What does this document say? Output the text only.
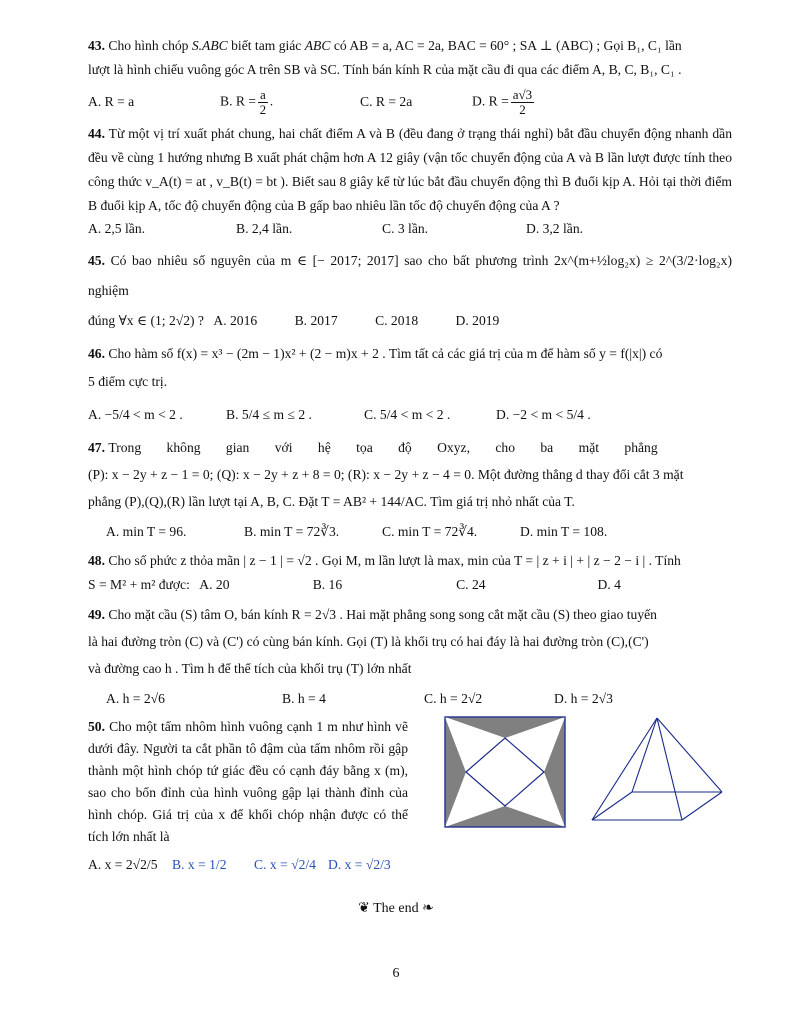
43. Cho hình chóp S.ABC biết tam giác ABC có AB = a, AC = 2a, BAC = 60° ; SA ⊥ (ABC) ; Gọi B₁, C₁ lần
lượt là hình chiếu vuông góc A trên SB và SC. Tính bán kính R của mặt cầu đi qua các điểm A, B, C, B₁, C₁ .
A. R = a	B. $R = \frac{a}{2}$ .	C. R = 2a	D. $R = \frac{a√3}{2}$
44. Từ một vị trí xuất phát chung, hai chất điểm A và B (đều đang ở trạng thái nghỉ) bắt đầu chuyển động nhanh dần đều về cùng 1 hướng nhưng B xuất phát chậm hơn A 12 giây (vận tốc chuyển động của A và B lần lượt được tính theo công thức v_A(t) = at , v_B(t) = bt ). Biết sau 8 giây kể từ lúc bắt đầu chuyển động thì B đuổi kịp A. Hỏi tại thời điểm B đuổi kịp A, tốc độ chuyển động của B gấp bao nhiêu lần tốc độ chuyển động của A ?
A. 2,5 lần.	B. 2,4 lần.	C. 3 lần.	D. 3,2 lần.
45. Có bao nhiêu số nguyên của m ∈ [− 2017; 2017] sao cho bất phương trình 2x^(m+½log₂x) ≥ 2^(3/2·log₂x) nghiệm
đúng ∀x ∈ (1; 2√2) ? A. 2016	B. 2017	C. 2018	D. 2019
46. Cho hàm số f(x) = x³ − (2m − 1)x² + (2 − m)x + 2 . Tìm tất cả các giá trị của m để hàm số y = f(|x|) có
5 điểm cực trị.
A. −5/4 < m < 2 .	B. 5/4 ≤ m ≤ 2 .	C. 5/4 < m < 2 .	D. −2 < m < 5/4 .
47. Trong không gian với hệ tọa độ Oxyz, cho ba mặt phẳng
(P): x − 2y + z − 1 = 0; (Q): x − 2y + z + 8 = 0; (R): x − 2y + z − 4 = 0. Một đường thẳng d thay đổi cắt 3 mặt
phẳng (P),(Q),(R) lần lượt tại A, B, C. Đặt T = AB² + 144/AC. Tìm giá trị nhỏ nhất của T.
A. min T = 96.	B. min T = 72∛3.	C. min T = 72∛4.	D. min T = 108.
48. Cho số phức z thỏa mãn | z − 1 | = √2 . Gọi M, m lần lượt là max, min của T = | z + i | + | z − 2 − i | . Tính
S = M² + m² được: A. 20	B. 16	C. 24	D. 4
49. Cho mặt cầu (S) tâm O, bán kính R = 2√3 . Hai mặt phẳng song song cắt mặt cầu (S) theo giao tuyến
là hai đường tròn (C) và (C') có cùng bán kính. Gọi (T) là khối trụ có hai đáy là hai đường tròn (C),(C')
và đường cao h . Tìm h để thể tích của khối trụ (T) lớn nhất
A. h = 2√6	B. h = 4	C. h = 2√2	D. h = 2√3
50. Cho một tấm nhôm hình vuông cạnh 1 m như hình vẽ dưới đây. Người ta cắt phần tô đậm của tấm nhôm rồi gập thành một hình chóp tứ giác đều có cạnh đáy bằng x (m), sao cho bốn đỉnh của hình vuông gập lại thành đỉnh của hình chóp. Giá trị của x để khối chóp nhận được có thể tích lớn nhất là
A. x = 2√2/5	B. x = 1/2	C. x = √2/4 D. x = √2/3
❦ The end ❧
6
